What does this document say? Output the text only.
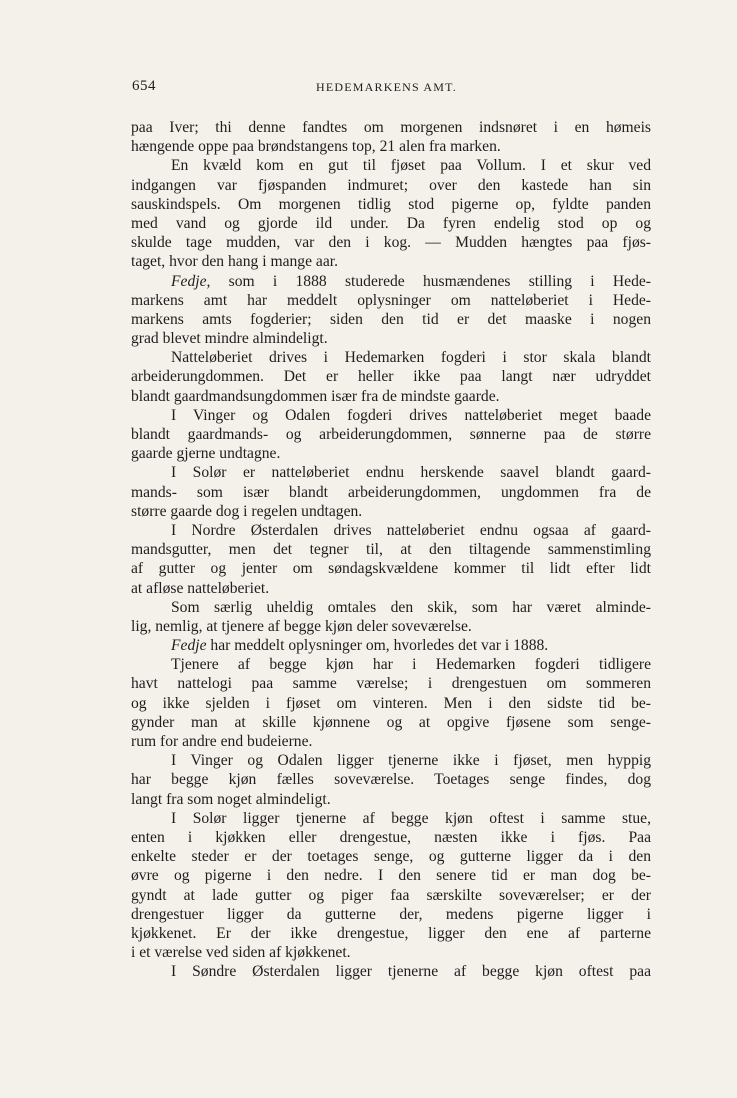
654	HEDEMARKENS AMT.
paa Iver; thi denne fandtes om morgenen indsnøret i en hømeis
hængende oppe paa brøndstangens top, 21 alen fra marken.
En kvæld kom en gut til fjøset paa Vollum. I et skur ved
indgangen var fjøspanden indmuret; over den kastede han sin
sauskindspels. Om morgenen tidlig stod pigerne op, fyldte panden
med vand og gjorde ild under. Da fyren endelig stod op og
skulde tage mudden, var den i kog. — Mudden hængtes paa fjøs-
taget, hvor den hang i mange aar.
Fedje, som i 1888 studerede husmændenes stilling i Hede-
markens amt har meddelt oplysninger om natteløberiet i Hede-
markens amts fogderier; siden den tid er det maaske i nogen
grad blevet mindre almindeligt.
Natteløberiet drives i Hedemarken fogderi i stor skala blandt
arbeiderungdommen. Det er heller ikke paa langt nær udryddet
blandt gaardmandsungdommen især fra de mindste gaarde.
I Vinger og Odalen fogderi drives natteløberiet meget baade
blandt gaardmands- og arbeiderungdommen, sønnerne paa de større
gaarde gjerne undtagne.
I Solør er natteløberiet endnu herskende saavel blandt gaard-
mands- som især blandt arbeiderungdommen, ungdommen fra de
større gaarde dog i regelen undtagen.
I Nordre Østerdalen drives natteløberiet endnu ogsaa af gaard-
mandsgutter, men det tegner til, at den tiltagende sammenstimling
af gutter og jenter om søndagskvældene kommer til lidt efter lidt
at afløse natteløberiet.
Som særlig uheldig omtales den skik, som har været alminde-
lig, nemlig, at tjenere af begge kjøn deler soveværelse.
Fedje har meddelt oplysninger om, hvorledes det var i 1888.
Tjenere af begge kjøn har i Hedemarken fogderi tidligere
havt nattelogi paa samme værelse; i drengestuen om sommeren
og ikke sjelden i fjøset om vinteren. Men i den sidste tid be-
gynder man at skille kjønnene og at opgive fjøsene som senge-
rum for andre end budeierne.
I Vinger og Odalen ligger tjenerne ikke i fjøset, men hyppig
har begge kjøn fælles soveværelse. Toetages senge findes, dog
langt fra som noget almindeligt.
I Solør ligger tjenerne af begge kjøn oftest i samme stue,
enten i kjøkken eller drengestue, næsten ikke i fjøs. Paa
enkelte steder er der toetages senge, og gutterne ligger da i den
øvre og pigerne i den nedre. I den senere tid er man dog be-
gyndt at lade gutter og piger faa særskilte soveværelser; er der
drengestuer ligger da gutterne der, medens pigerne ligger i
kjøkkenet. Er der ikke drengestue, ligger den ene af parterne
i et værelse ved siden af kjøkkenet.
I Søndre Østerdalen ligger tjenerne af begge kjøn oftest paa
